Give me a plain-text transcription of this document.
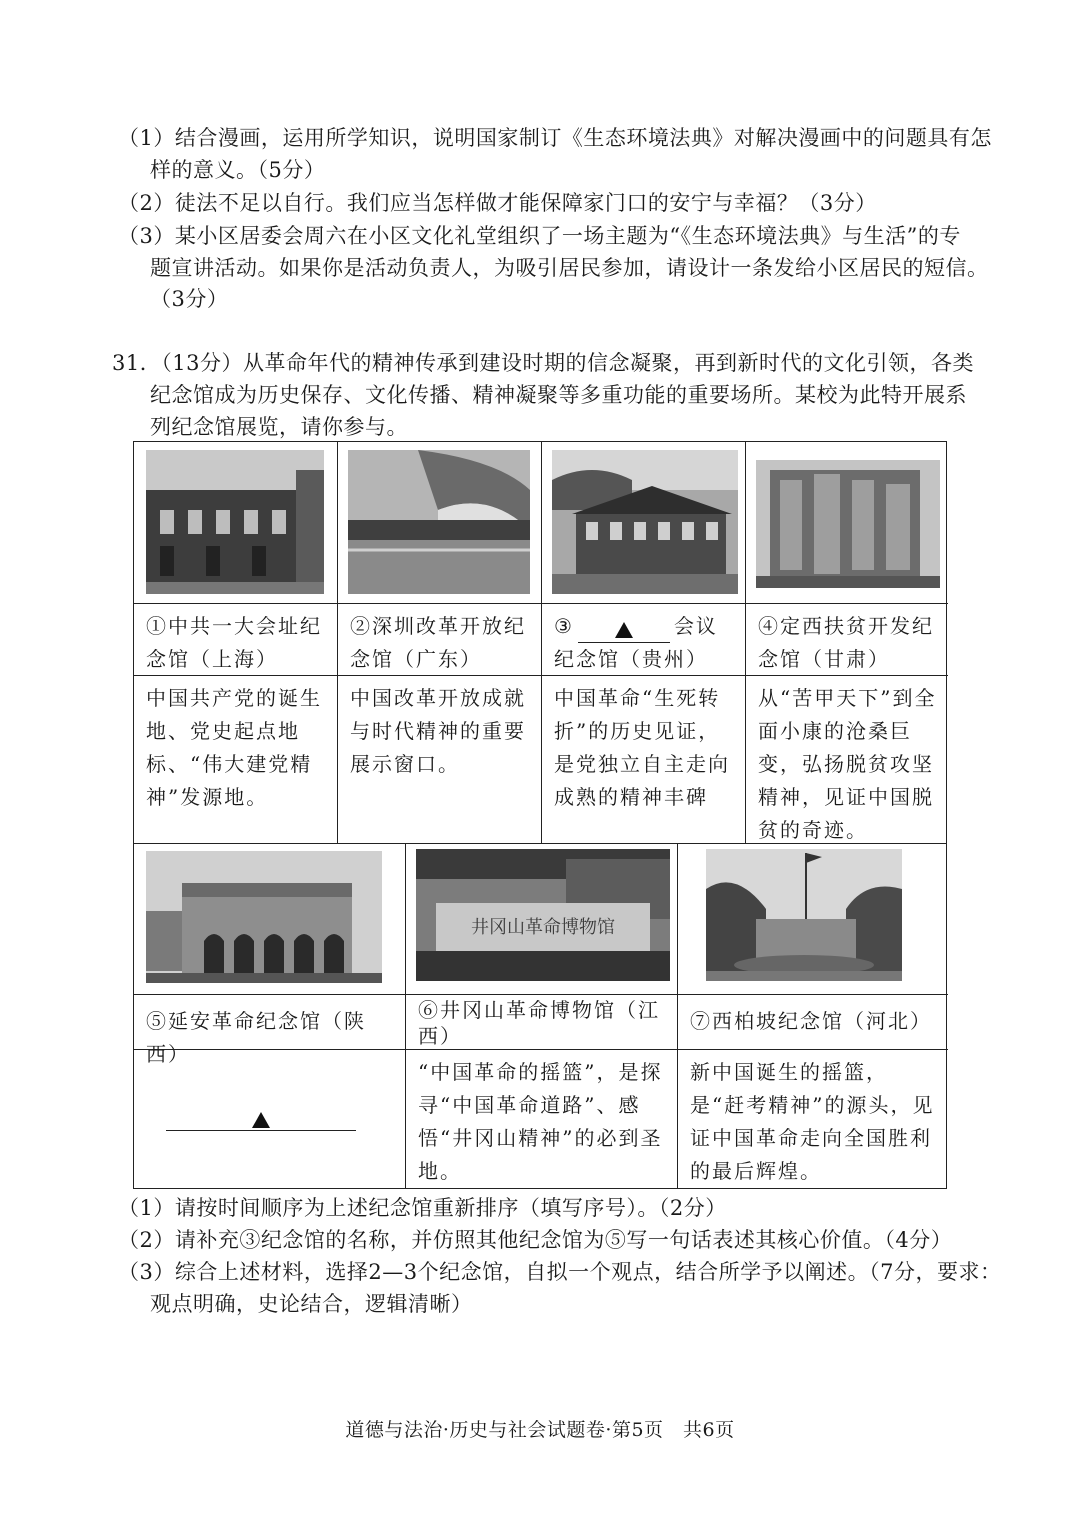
（1）结合漫画，运用所学知识，说明国家制订《生态环境法典》对解决漫画中的问题具有怎
样的意义。（5分）
（2）徒法不足以自行。我们应当怎样做才能保障家门口的安宁与幸福？（3分）
（3）某小区居委会周六在小区文化礼堂组织了一场主题为“《生态环境法典》与生活”的专
题宣讲活动。如果你是活动负责人，为吸引居民参加，请设计一条发给小区居民的短信。
（3分）
31．（13分）从革命年代的精神传承到建设时期的信念凝聚，再到新时代的文化引领，各类
纪念馆成为历史保存、文化传播、精神凝聚等多重功能的重要场所。某校为此特开展系
列纪念馆展览，请你参与。
①中共一大会址纪念馆（上海）
②深圳改革开放纪念馆（广东）
③	会议纪念馆（贵州）
④定西扶贫开发纪念馆（甘肃）
中国共产党的诞生地、党史起点地标、“伟大建党精神”发源地。
中国改革开放成就与时代精神的重要展示窗口。
中国革命“生死转折”的历史见证，是党独立自主走向成熟的精神丰碑
从“苦甲天下”到全面小康的沧桑巨变，弘扬脱贫攻坚精神，见证中国脱贫的奇迹。
井冈山革命博物馆
⑤延安革命纪念馆（陕西）
⑥井冈山革命博物馆（江西）
⑦西柏坡纪念馆（河北）
“中国革命的摇篮”，是探寻“中国革命道路”、感悟“井冈山精神”的必到圣地。
新中国诞生的摇篮，是“赶考精神”的源头，见证中国革命走向全国胜利的最后辉煌。
（1）请按时间顺序为上述纪念馆重新排序（填写序号）。（2分）
（2）请补充③纪念馆的名称，并仿照其他纪念馆为⑤写一句话表述其核心价值。（4分）
（3）综合上述材料，选择2—3个纪念馆，自拟一个观点，结合所学予以阐述。（7分，要求：
观点明确，史论结合，逻辑清晰）
道德与法治·历史与社会试题卷·第5页　共6页
